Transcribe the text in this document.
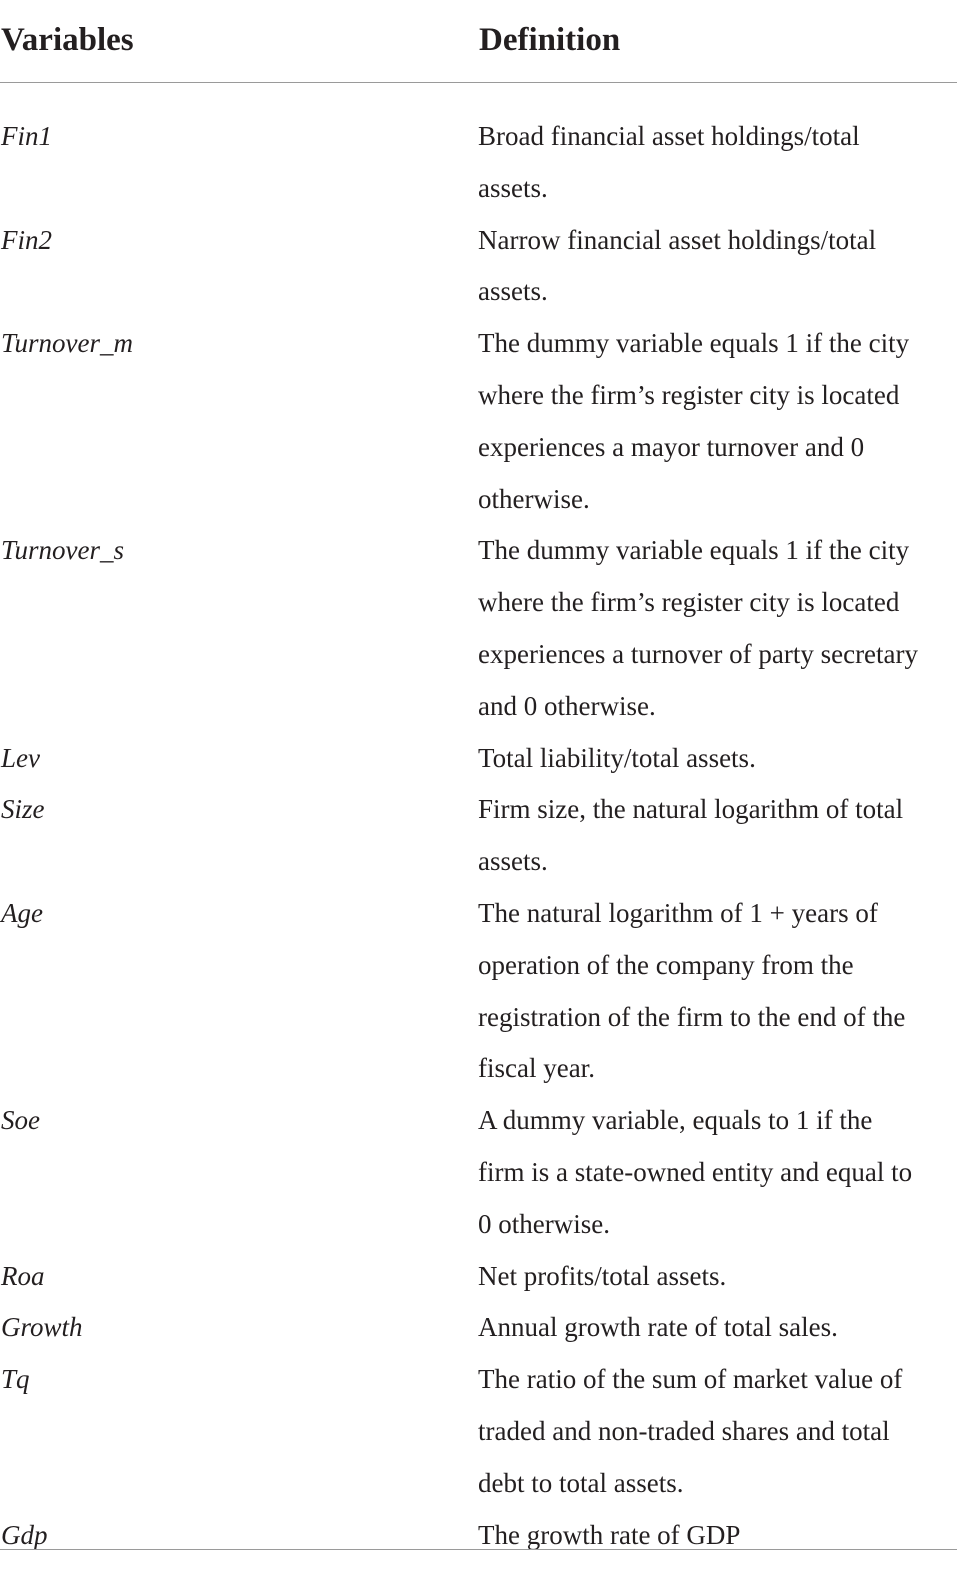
Variables	Definition
Fin1	Broad financial asset holdings/total
assets.
Fin2	Narrow financial asset holdings/total
assets.
Turnover_m	The dummy variable equals 1 if the city
where the firm’s register city is located
experiences a mayor turnover and 0
otherwise.
Turnover_s	The dummy variable equals 1 if the city
where the firm’s register city is located
experiences a turnover of party secretary
and 0 otherwise.
Lev	Total liability/total assets.
Size	Firm size, the natural logarithm of total
assets.
Age	The natural logarithm of 1 + years of
operation of the company from the
registration of the firm to the end of the
fiscal year.
Soe	A dummy variable, equals to 1 if the
firm is a state-owned entity and equal to
0 otherwise.
Roa	Net profits/total assets.
Growth	Annual growth rate of total sales.
Tq	The ratio of the sum of market value of
traded and non-traded shares and total
debt to total assets.
Gdp	The growth rate of GDP
